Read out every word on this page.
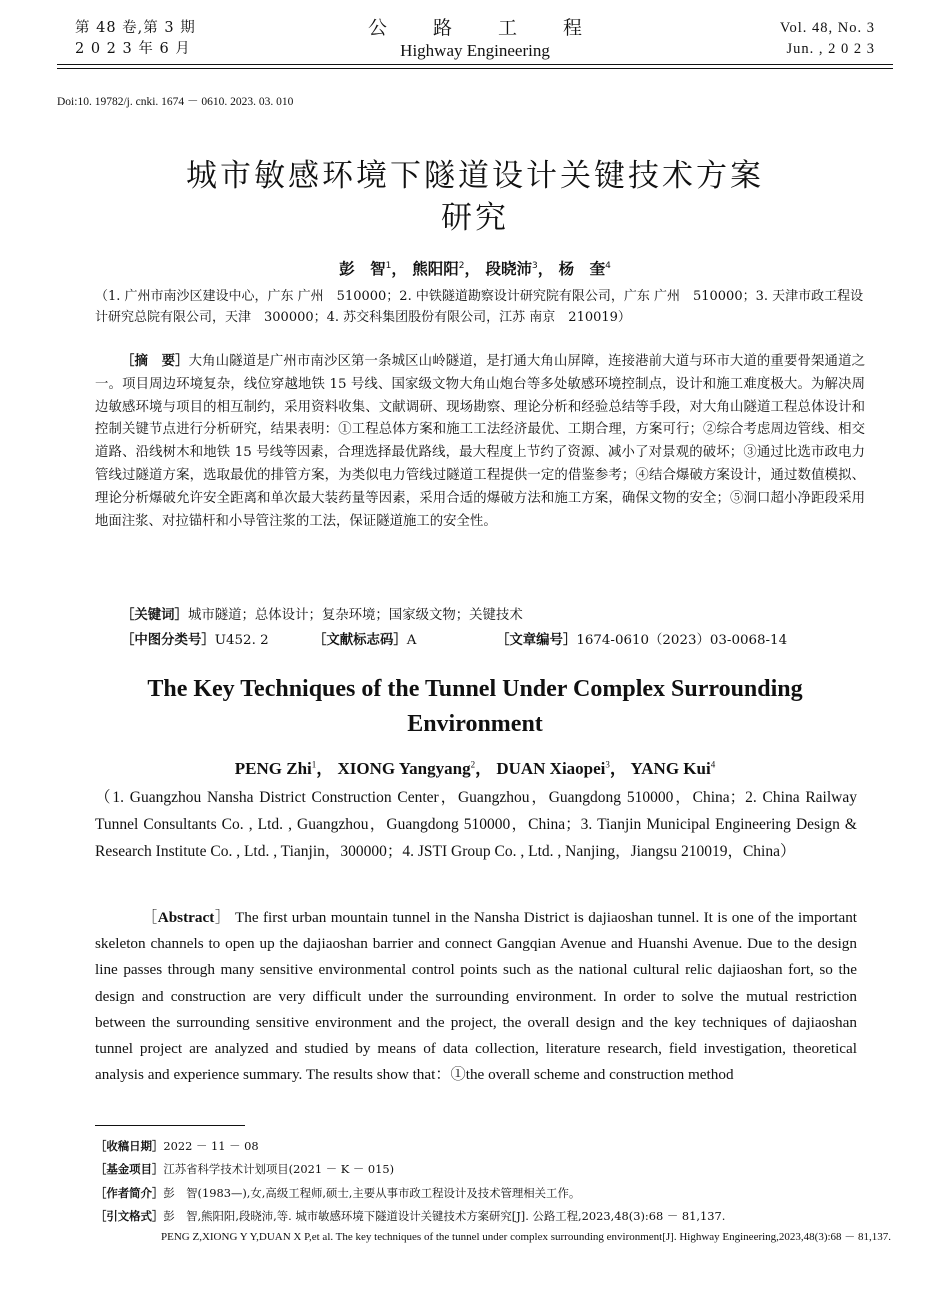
第 48 卷,第 3 期
2 0 2 3 年 6 月
公 路 工 程
Highway Engineering
Vol. 48, No. 3
Jun. , 2 0 2 3
Doi:10. 19782/j. cnki. 1674 － 0610. 2023. 03. 010
城市敏感环境下隧道设计关键技术方案
研究
彭　智$^1$， 熊阳阳$^2$， 段晓沛$^3$， 杨　奎$^4$
（1. 广州市南沙区建设中心，广东 广州　510000；2. 中铁隧道勘察设计研究院有限公司，广东 广州　510000；3. 天津市政工程设计研究总院有限公司，天津　300000；4. 苏交科集团股份有限公司，江苏 南京　210019）
［摘　要］大角山隧道是广州市南沙区第一条城区山岭隧道，是打通大角山屏障，连接港前大道与环市大道的重要骨架通道之一。项目周边环境复杂，线位穿越地铁 15 号线、国家级文物大角山炮台等多处敏感环境控制点，设计和施工难度极大。为解决周边敏感环境与项目的相互制约，采用资料收集、文献调研、现场勘察、理论分析和经验总结等手段，对大角山隧道工程总体设计和控制关键节点进行分析研究，结果表明：①工程总体方案和施工工法经济最优、工期合理，方案可行；②综合考虑周边管线、相交道路、沿线树木和地铁 15 号线等因素，合理选择最优路线，最大程度上节约了资源、减小了对景观的破坏；③通过比选市政电力管线过隧道方案，选取最优的排管方案，为类似电力管线过隧道工程提供一定的借鉴参考；④结合爆破方案设计，通过数值模拟、理论分析爆破允许安全距离和单次最大装药量等因素，采用合适的爆破方法和施工方案，确保文物的安全；⑤洞口超小净距段采用地面注浆、对拉锚杆和小导管注浆的工法，保证隧道施工的安全性。
［关键词］城市隧道；总体设计；复杂环境；国家级文物；关键技术
［中图分类号］U452. 2	［文献标志码］A	［文章编号］1674-0610（2023）03-0068-14
The Key Techniques of the Tunnel Under Complex Surrounding
Environment
PENG Zhi$^1$， XIONG Yangyang$^2$， DUAN Xiaopei$^3$， YANG Kui$^4$
（1. Guangzhou Nansha District Construction Center，Guangzhou，Guangdong 510000，China；2. China Railway Tunnel Consultants Co. , Ltd. , Guangzhou，Guangdong 510000，China；3. Tianjin Municipal Engineering Design & Research Institute Co. , Ltd. , Tianjin，300000；4. JSTI Group Co. , Ltd. , Nanjing，Jiangsu 210019，China）
［Abstract］ The first urban mountain tunnel in the Nansha District is dajiaoshan tunnel. It is one of the important skeleton channels to open up the dajiaoshan barrier and connect Gangqian Avenue and Huanshi Avenue. Due to the design line passes through many sensitive environmental control points such as the national cultural relic dajiaoshan fort, so the design and construction are very difficult under the surrounding environment. In order to solve the mutual restriction between the surrounding sensitive environment and the project, the overall design and the key techniques of dajiaoshan tunnel project are analyzed and studied by means of data collection, literature research, field investigation, theoretical analysis and experience summary. The results show that：①the overall scheme and construction method
［收稿日期］2022 － 11 － 08
［基金项目］江苏省科学技术计划项目(2021 － K － 015)
［作者简介］彭　智(1983—),女,高级工程师,硕士,主要从事市政工程设计及技术管理相关工作。
［引文格式］彭　智,熊阳阳,段晓沛,等. 城市敏感环境下隧道设计关键技术方案研究[J]. 公路工程,2023,48(3):68 － 81,137.
PENG Z,XIONG Y Y,DUAN X P,et al. The key techniques of the tunnel under complex surrounding environment[J]. Highway Engineering,2023,48(3):68 － 81,137.
